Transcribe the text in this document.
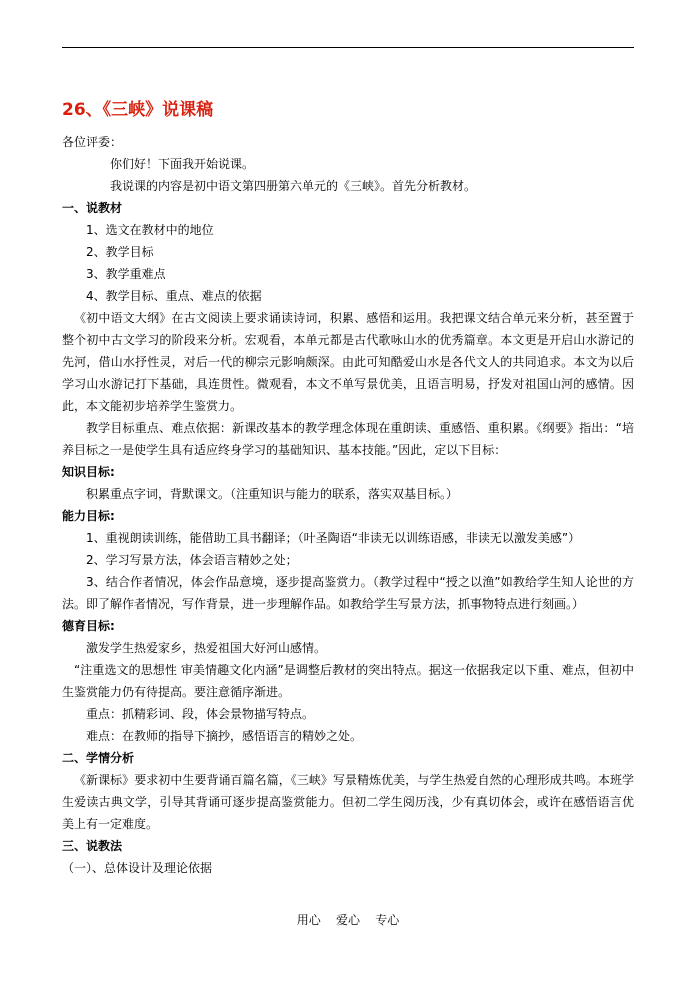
26、《三峡》说课稿

各位评委：

你们好！下面我开始说课。

我说课的内容是初中语文第四册第六单元的《三峡》。首先分析教材。

一、说教材

1、选文在教材中的地位

2、教学目标

3、教学重难点

4、教学目标、重点、难点的依据

《初中语文大纲》在古文阅读上要求诵读诗词，积累、感悟和运用。我把课文结合单元来分析，甚至置于整个初中古文学习的阶段来分析。宏观看，本单元都是古代歌咏山水的优秀篇章。本文更是开启山水游记的先河，借山水抒性灵，对后一代的柳宗元影响颇深。由此可知酷爱山水是各代文人的共同追求。本文为以后学习山水游记打下基础，具连贯性。微观看，本文不单写景优美，且语言明易，抒发对祖国山河的感情。因此，本文能初步培养学生鉴赏力。

教学目标重点、难点依据：新课改基本的教学理念体现在重朗读、重感悟、重积累。《纲要》指出：“培养目标之一是使学生具有适应终身学习的基础知识、基本技能。”因此，定以下目标：

知识目标:

积累重点字词，背默课文。（注重知识与能力的联系，落实双基目标。）

能力目标:

1、重视朗读训练，能借助工具书翻译；（叶圣陶语“非读无以训练语感，非读无以激发美感”）

2、学习写景方法，体会语言精妙之处；

3、结合作者情况，体会作品意境，逐步提高鉴赏力。（教学过程中“授之以渔”如教给学生知人论世的方法。即了解作者情况，写作背景，进一步理解作品。如教给学生写景方法，抓事物特点进行刻画。）

德育目标:

激发学生热爱家乡，热爱祖国大好河山感情。

“注重选文的思想性 审美情趣文化内涵”是调整后教材的突出特点。据这一依据我定以下重、难点，但初中生鉴赏能力仍有待提高。要注意循序渐进。

重点：抓精彩词、段，体会景物描写特点。

难点：在教师的指导下摘抄，感悟语言的精妙之处。

二、学情分析

《新课标》要求初中生要背诵百篇名篇，《三峡》写景精炼优美，与学生热爱自然的心理形成共鸣。本班学生爱读古典文学，引导其背诵可逐步提高鉴赏能力。但初二学生阅历浅，少有真切体会，或许在感悟语言优美上有一定难度。

三、说教法

（一）、总体设计及理论依据

用心    爱心    专心
